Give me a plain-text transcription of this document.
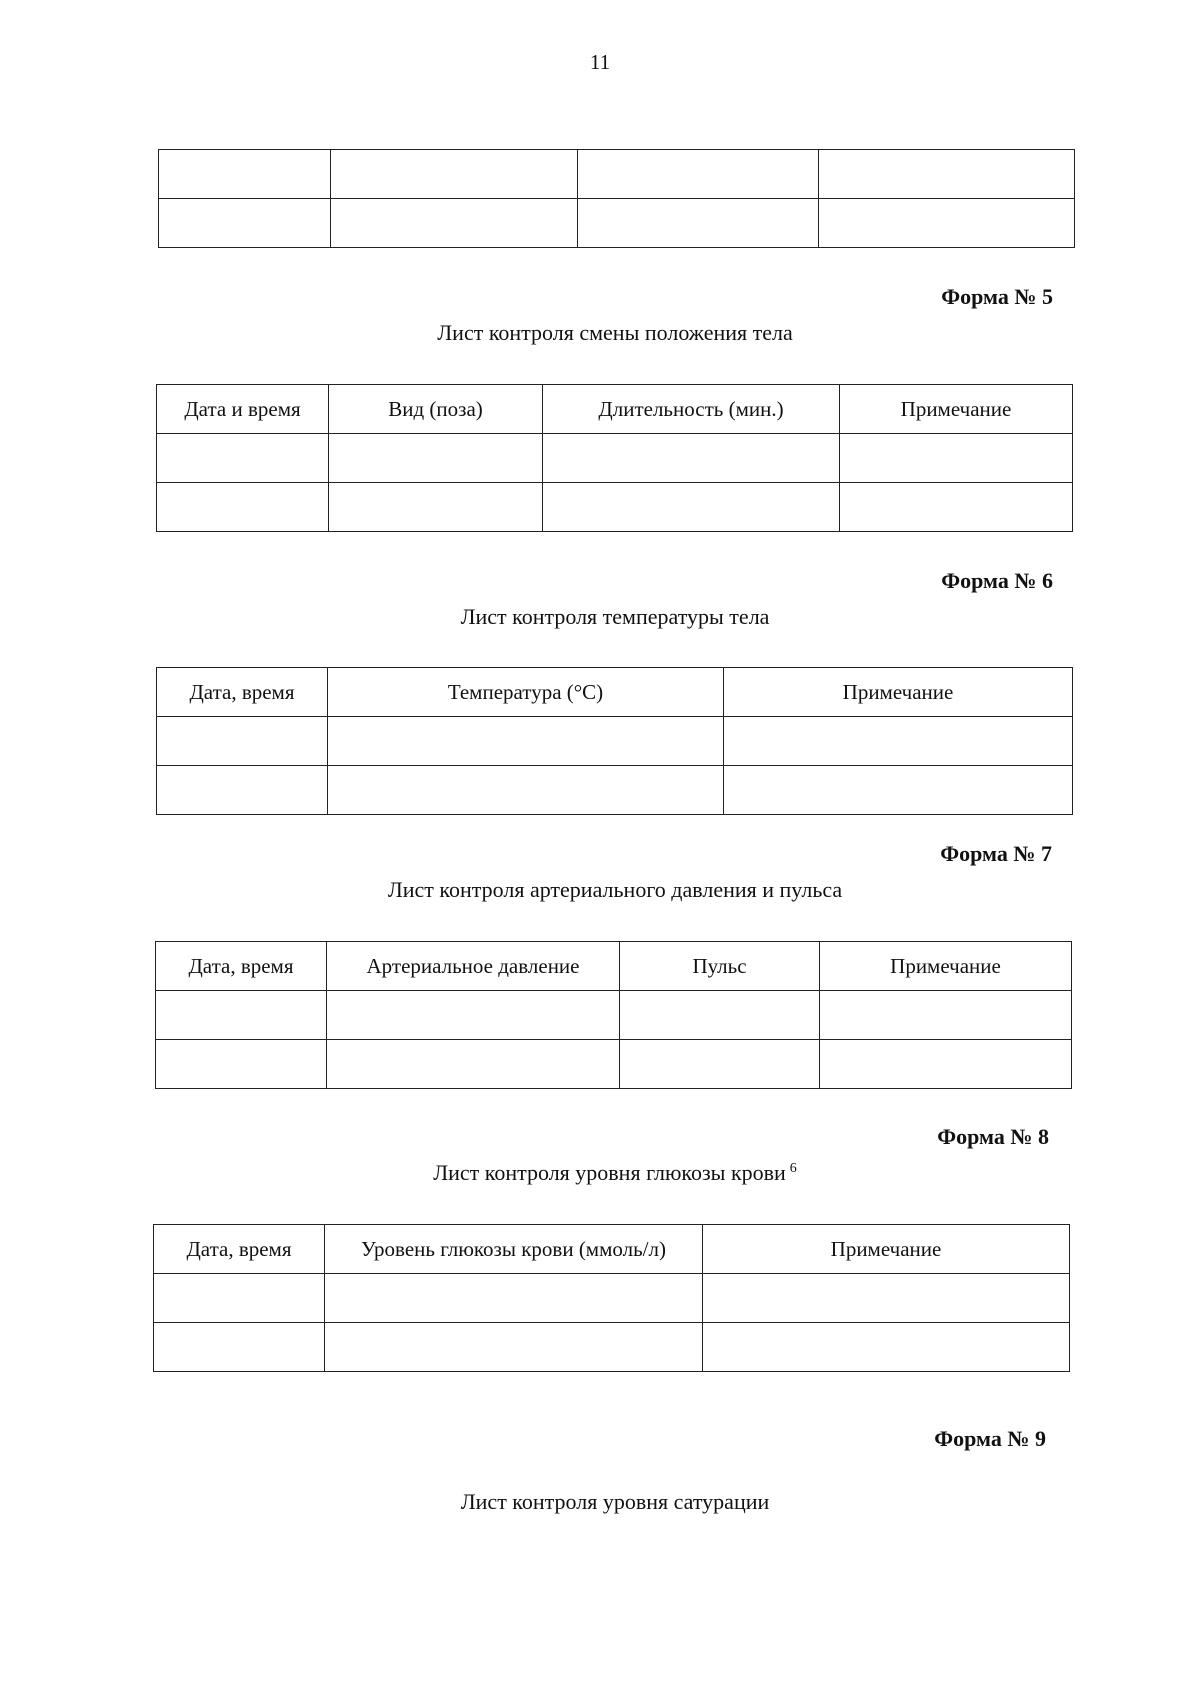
11

Форма № 5
Лист контроля смены положения тела
Дата и время	Вид (поза)	Длительность (мин.)	Примечание

Форма № 6
Лист контроля температуры тела
Дата, время	Температура (°С)	Примечание

Форма № 7
Лист контроля артериального давления и пульса
Дата, время	Артериальное давление	Пульс	Примечание

Форма № 8
Лист контроля уровня глюкозы крови $^6$
Дата, время	Уровень глюкозы крови (ммоль/л)	Примечание

Форма № 9
Лист контроля уровня сатурации
